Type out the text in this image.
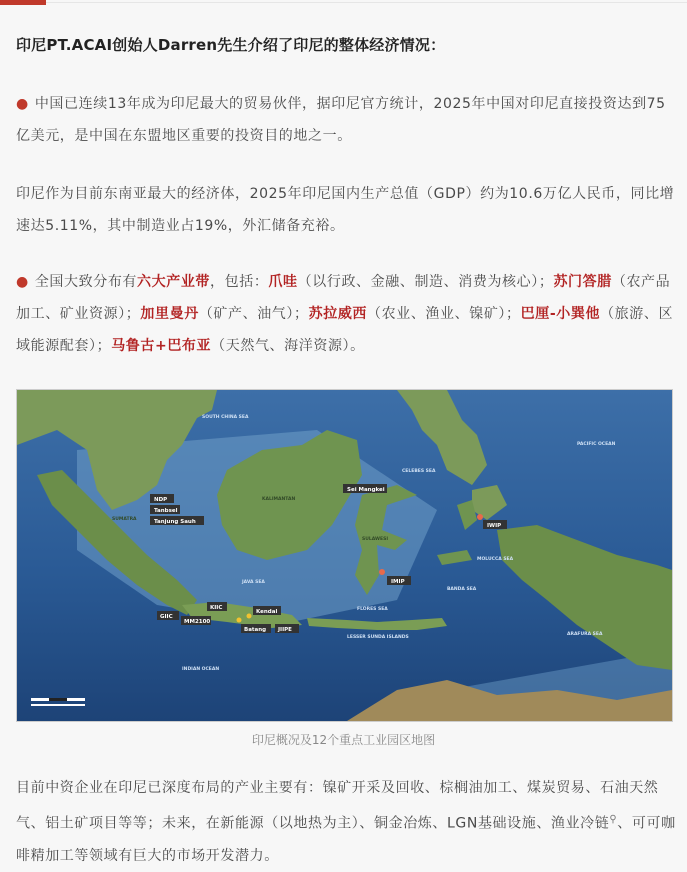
印尼PT.ACAI创始人Darren先生介绍了印尼的整体经济情况：
● 中国已连续13年成为印尼最大的贸易伙伴，据印尼官方统计，2025年中国对印尼直接投资达到75亿美元，是中国在东盟地区重要的投资目的地之一。
印尼作为目前东南亚最大的经济体，2025年印尼国内生产总值（GDP）约为10.6万亿人民币，同比增速达5.11%，其中制造业占19%，外汇储备充裕。
● 全国大致分布有六大产业带，包括：爪哇（以行政、金融、制造、消费为核心）；苏门答腊（农产品加工、矿业资源）；加里曼丹（矿产、油气）；苏拉威西（农业、渔业、镍矿）；巴厘-小巽他（旅游、区域能源配套）；马鲁古+巴布亚（天然气、海洋资源）。
SOUTH CHINA SEA
PACIFIC OCEAN
JAVA SEA
BANDA SEA
INDIAN OCEAN
CELEBES SEA
MOLUCCA SEA
ARAFURA SEA
FLORES SEA
LESSER SUNDA ISLANDS
SUMATRA
KALIMANTAN
SULAWESI
NDP
Tanbsel
Tanjung Sauh
Sei Mangkei
IMIP
IWIP
KIIC
GIIC
MM2100
Kendal
Batang JIIPE
印尼概况及12个重点工业园区地图
目前中资企业在印尼已深度布局的产业主要有：镍矿开采及回收、棕榈油加工、煤炭贸易、石油天然气、铝土矿项目等等；未来，在新能源（以地热为主）、铜金冶炼、LGN基础设施、渔业冷链⚲、可可咖啡精加工等领域有巨大的市场开发潜力。
